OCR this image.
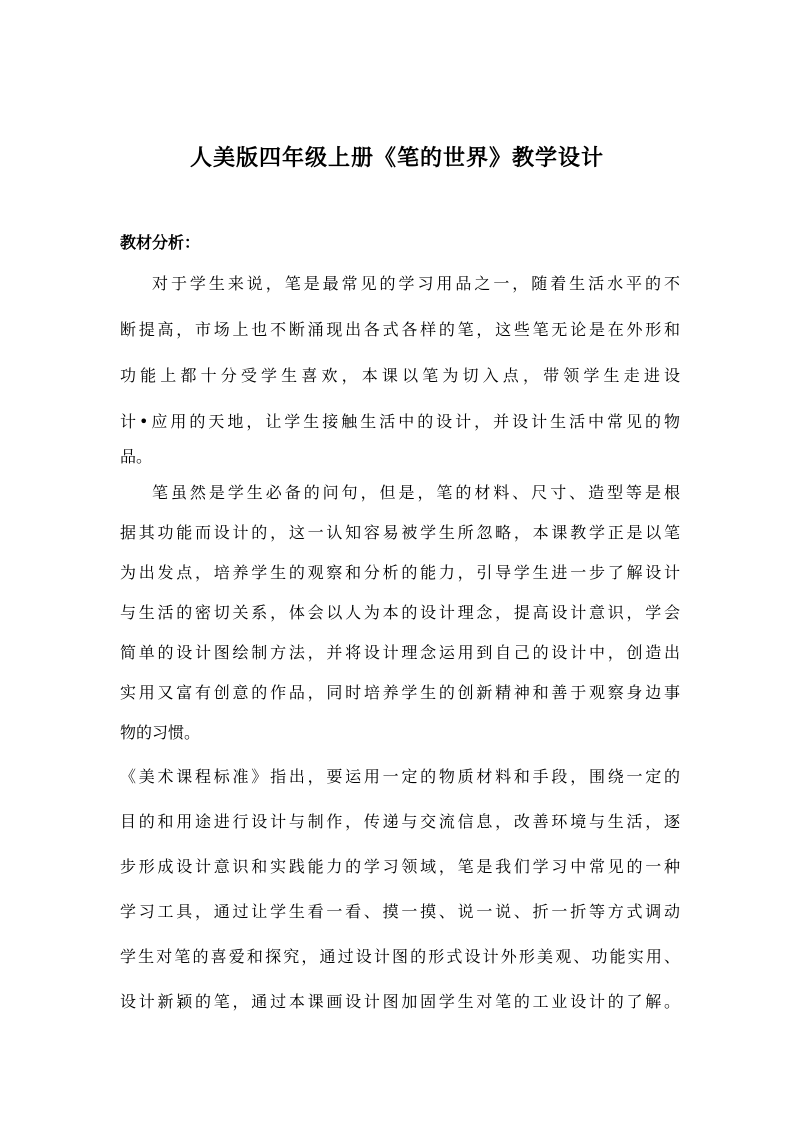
人美版四年级上册《笔的世界》教学设计
教材分析：

对于学生来说，笔是最常见的学习用品之一，随着生活水平的不

断提高，市场上也不断涌现出各式各样的笔，这些笔无论是在外形和

功能上都十分受学生喜欢，本课以笔为切入点，带领学生走进设

计•应用的天地，让学生接触生活中的设计，并设计生活中常见的物

品。

笔虽然是学生必备的问句，但是，笔的材料、尺寸、造型等是根

据其功能而设计的，这一认知容易被学生所忽略，本课教学正是以笔

为出发点，培养学生的观察和分析的能力，引导学生进一步了解设计

与生活的密切关系，体会以人为本的设计理念，提高设计意识，学会

简单的设计图绘制方法，并将设计理念运用到自己的设计中，创造出

实用又富有创意的作品，同时培养学生的创新精神和善于观察身边事

物的习惯。

《美术课程标准》指出，要运用一定的物质材料和手段，围绕一定的

目的和用途进行设计与制作，传递与交流信息，改善环境与生活，逐

步形成设计意识和实践能力的学习领域，笔是我们学习中常见的一种

学习工具，通过让学生看一看、摸一摸、说一说、折一折等方式调动

学生对笔的喜爱和探究，通过设计图的形式设计外形美观、功能实用、

设计新颖的笔，通过本课画设计图加固学生对笔的工业设计的了解。
